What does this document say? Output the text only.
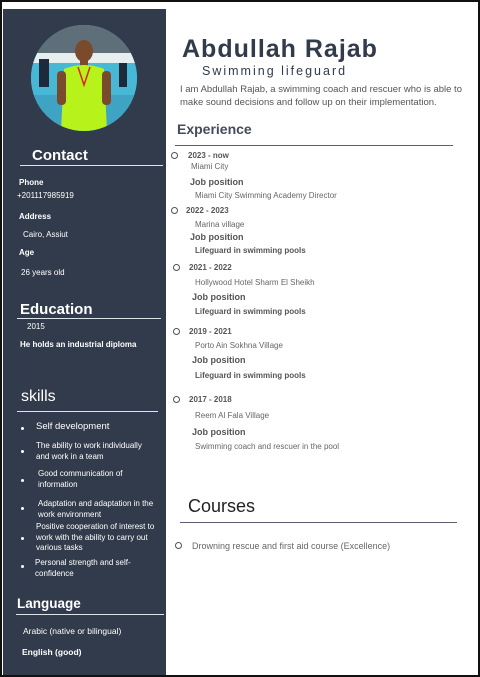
Contact
Phone
+201117985919
Address
Cairo, Assiut
Age
26 years old
Education
2015
He holds an industrial diploma
skills
Self development
The ability to work individually and work in a team
Good communication of information
Adaptation and adaptation in the work environment
Positive cooperation of interest to work with the ability to carry out various tasks
Personal strength and self-confidence
Language
Arabic (native or bilingual)
English (good)
Abdullah Rajab
Swimming lifeguard
I am Abdullah Rajab, a swimming coach and rescuer who is able to make sound decisions and follow up on their implementation.
Experience
2023 - now
Miami City
Job position
Miami City Swimming Academy Director
2022 - 2023
Marina village
Job position
Lifeguard in swimming pools
2021 - 2022
Hollywood Hotel Sharm El Sheikh
Job position
Lifeguard in swimming pools
2019 - 2021
Porto Ain Sokhna Village
Job position
Lifeguard in swimming pools
2017 - 2018
Reem Al Fala Village
Job position
Swimming coach and rescuer in the pool
Courses
Drowning rescue and first aid course (Excellence)
